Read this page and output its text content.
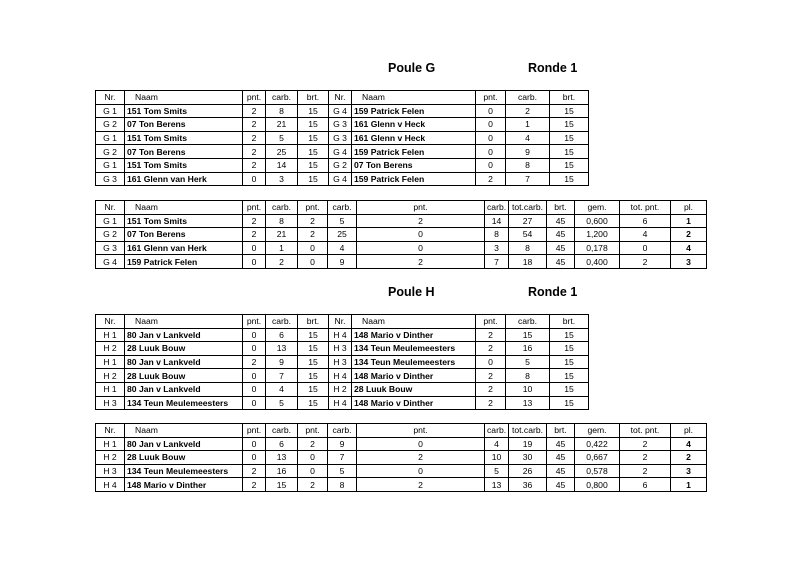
Poule G	Ronde 1
Nr.	Naam	pnt.	carb.	brt.	Nr.	Naam	pnt.	carb.	brt.
G 1	151 Tom Smits	2	8	15	G 4	159 Patrick Felen	0	2	15
G 2	07 Ton Berens	2	21	15	G 3	161 Glenn v Heck	0	1	15
G 1	151 Tom Smits	2	5	15	G 3	161 Glenn v Heck	0	4	15
G 2	07 Ton Berens	2	25	15	G 4	159 Patrick Felen	0	9	15
G 1	151 Tom Smits	2	14	15	G 2	07 Ton Berens	0	8	15
G 3	161 Glenn van Herk	0	3	15	G 4	159 Patrick Felen	2	7	15
Nr.	Naam	pnt.	carb.	pnt.	carb.	pnt.	carb.	tot.carb.	brt.	gem.	tot. pnt.	pl.
G 1	151 Tom Smits	2	8	2	5	2	14	27	45	0,600	6	1
G 2	07 Ton Berens	2	21	2	25	0	8	54	45	1,200	4	2
G 3	161 Glenn van Herk	0	1	0	4	0	3	8	45	0,178	0	4
G 4	159 Patrick Felen	0	2	0	9	2	7	18	45	0,400	2	3
Poule H	Ronde 1
Nr.	Naam	pnt.	carb.	brt.	Nr.	Naam	pnt.	carb.	brt.
H 1	80 Jan v Lankveld	0	6	15	H 4	148 Mario v Dinther	2	15	15
H 2	28 Luuk Bouw	0	13	15	H 3	134 Teun Meulemeesters	2	16	15
H 1	80 Jan v Lankveld	2	9	15	H 3	134 Teun Meulemeesters	0	5	15
H 2	28 Luuk Bouw	0	7	15	H 4	148 Mario v Dinther	2	8	15
H 1	80 Jan v Lankveld	0	4	15	H 2	28 Luuk Bouw	2	10	15
H 3	134 Teun Meulemeesters	0	5	15	H 4	148 Mario v Dinther	2	13	15
Nr.	Naam	pnt.	carb.	pnt.	carb.	pnt.	carb.	tot.carb.	brt.	gem.	tot. pnt.	pl.
H 1	80 Jan v Lankveld	0	6	2	9	0	4	19	45	0,422	2	4
H 2	28 Luuk Bouw	0	13	0	7	2	10	30	45	0,667	2	2
H 3	134 Teun Meulemeesters	2	16	0	5	0	5	26	45	0,578	2	3
H 4	148 Mario v Dinther	2	15	2	8	2	13	36	45	0,800	6	1
